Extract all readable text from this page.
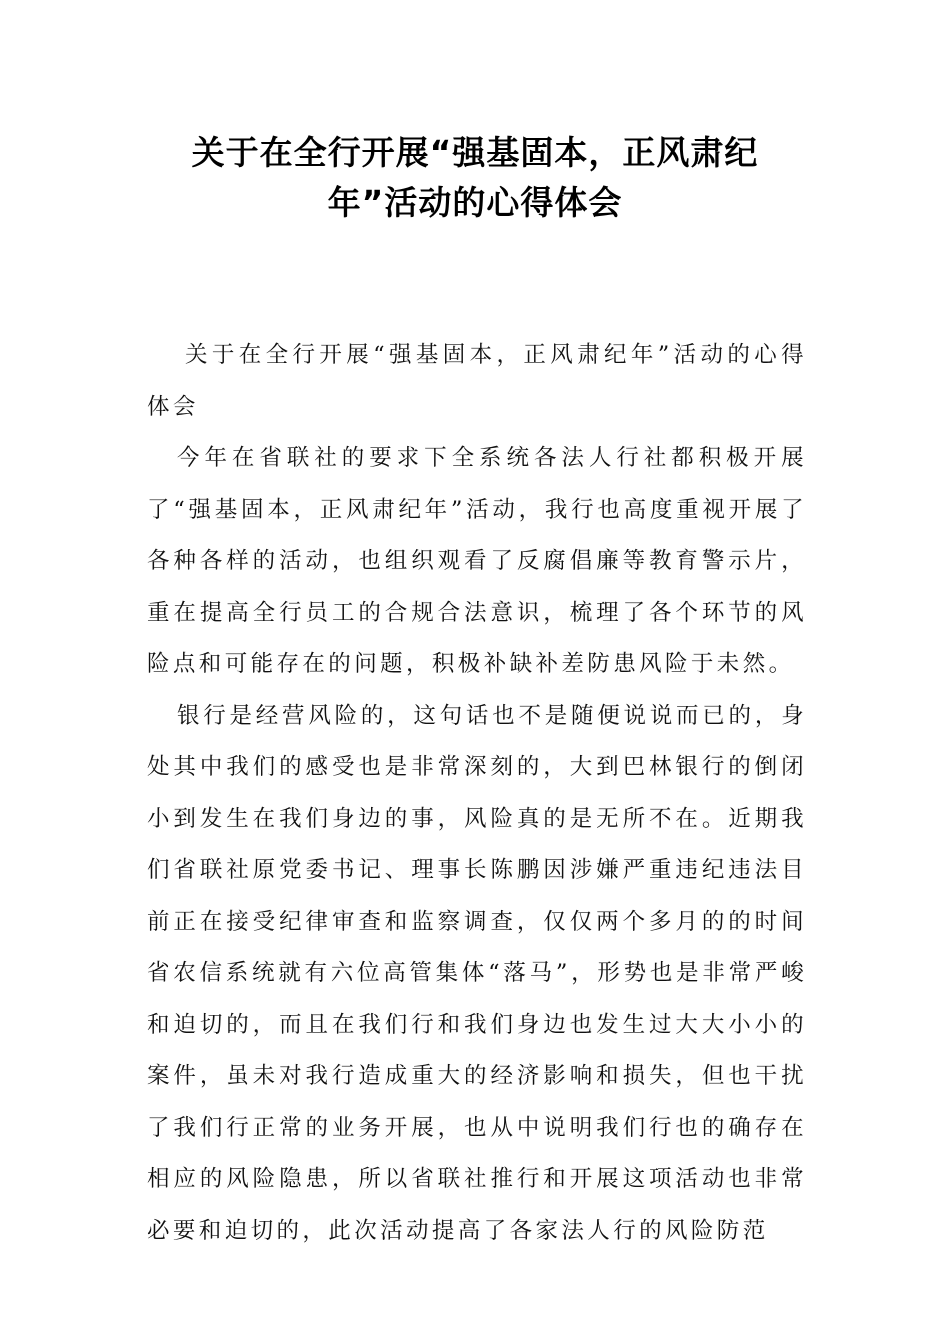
关于在全行开展“强基固本，正风肃纪
年”活动的心得体会

关于在全行开展“强基固本，正风肃纪年”活动的心得体会

今年在省联社的要求下全系统各法人行社都积极开展了“强基固本，正风肃纪年”活动，我行也高度重视开展了各种各样的活动，也组织观看了反腐倡廉等教育警示片，重在提高全行员工的合规合法意识，梳理了各个环节的风险点和可能存在的问题，积极补缺补差防患风险于未然。

银行是经营风险的，这句话也不是随便说说而已的，身处其中我们的感受也是非常深刻的，大到巴林银行的倒闭小到发生在我们身边的事，风险真的是无所不在。近期我们省联社原党委书记、理事长陈鹏因涉嫌严重违纪违法目前正在接受纪律审查和监察调查，仅仅两个多月的的时间省农信系统就有六位高管集体“落马”，形势也是非常严峻和迫切的，而且在我们行和我们身边也发生过大大小小的案件，虽未对我行造成重大的经济影响和损失，但也干扰了我们行正常的业务开展，也从中说明我们行也的确存在相应的风险隐患，所以省联社推行和开展这项活动也非常必要和迫切的，此次活动提高了各家法人行的风险防范
